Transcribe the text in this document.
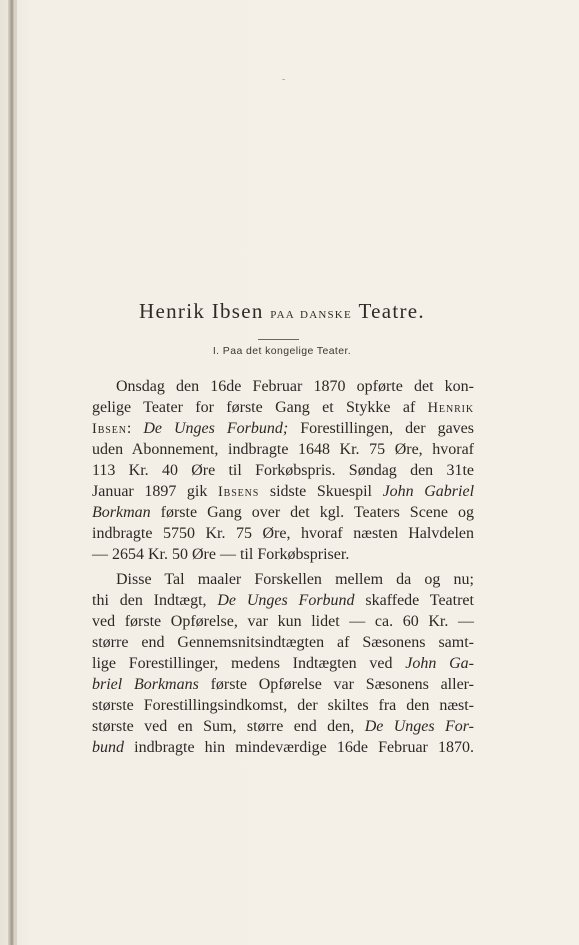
-
Henrik Ibsen paa danske Teatre.
I. Paa det kongelige Teater.
Onsdag den 16de Februar 1870 opførte det kon-
gelige Teater for første Gang et Stykke af Henrik
Ibsen: De Unges Forbund; Forestillingen, der gaves
uden Abonnement, indbragte 1648 Kr. 75 Øre, hvoraf
113 Kr. 40 Øre til Forkøbspris. Søndag den 31te
Januar 1897 gik Ibsens sidste Skuespil John Gabriel
Borkman første Gang over det kgl. Teaters Scene og
indbragte 5750 Kr. 75 Øre, hvoraf næsten Halvdelen
— 2654 Kr. 50 Øre — til Forkøbspriser.
Disse Tal maaler Forskellen mellem da og nu;
thi den Indtægt, De Unges Forbund skaffede Teatret
ved første Opførelse, var kun lidet — ca. 60 Kr. —
større end Gennemsnitsindtægten af Sæsonens samt-
lige Forestillinger, medens Indtægten ved John Ga-
briel Borkmans første Opførelse var Sæsonens aller-
største Forestillingsindkomst, der skiltes fra den næst-
største ved en Sum, større end den, De Unges For-
bund indbragte hin mindeværdige 16de Februar 1870.
